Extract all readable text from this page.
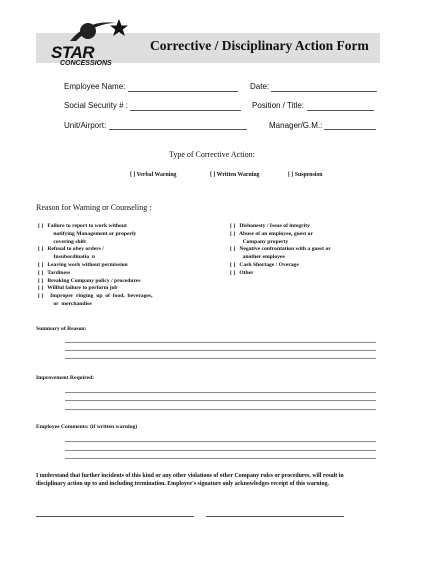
STAR
CONCESSIONS
Corrective / Disciplinary Action Form
Employee Name:	Date:
Social Security # :	Position / Title:
Unit/Airport:	Manager/G.M.:
Type of Corrective Action:
[ ] Verbal Warning	[ ] Written Warning	[ ] Suspension
Reason for Warning or Counseling :
[ ]   Failure to report to work without
notifying Management or properly
covering shift
[ ]   Refusal to obey orders /
Insubordinatio  n
[ ]   Leaving work without permission
[ ]   Tardiness
[ ]   Breaking Company policy / procedures
[ ]   Willful failure to perform job
[ ]     Improper  ringing  up  of  food,  beverages,
or  merchandise
[ ]   Dishonesty / Issue of integrity
[ ]   Abuse of an employee, guest or
Company property
[ ]   Negative confrontation with a guest or
another employee
[ ]   Cash Shortage / Overage
[ ]   Other
Summary of Reason:
Improvement Required:
Employee Comments: (if written warning)
I understand that further incidents of this kind or any other violations of other Company rules or procedures, will result in disciplinary action up to and including termination. Employee's signature only acknowledges receipt of this warning.
